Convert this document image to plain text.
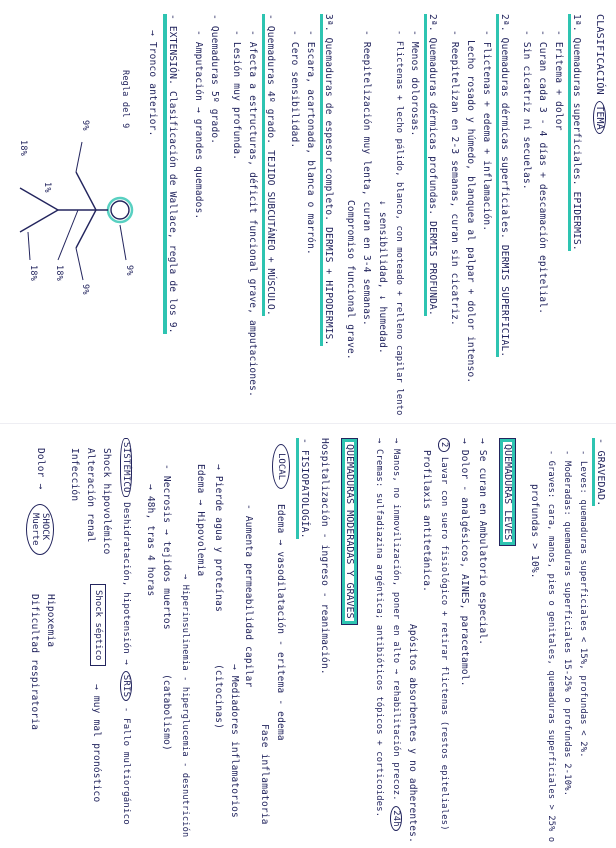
CLASIFICACIÓN TEMA
1ª. Quemaduras superficiales. EPIDERMIS.
- Eritema + dolor
- Curan cada 3 - 4 días + descamación epitelial.
- Sin cicatriz ni secuelas.
2ª. Quemaduras dérmicas superficiales. DERMIS SUPERFICIAL.
- Flictenas + edema + inflamación.
Lecho rosado y húmedo, blanquea al palpar + dolor intenso.
- Reepitelizan en 2-3 semanas, curan sin cicatriz.
2ª. Quemaduras dérmicas profundas. DERMIS PROFUNDA.
- Menos dolorosas.
- Flictenas + lecho pálido, blanco, con moteado + relleno capilar lento
↓ sensibilidad, ↓ humedad.
- Reepitelización muy lenta, curan en 3-4 semanas.
Compromiso funcional grave.
3ª. Quemaduras de espesor completo. DERMIS + HIPODERMIS.
- Escara, acartonada, blanca o marrón.
- Cero sensibilidad.
- Quemaduras 4º grado. TEJIDO SUBCUTÁNEO + MÚSCULO.
- Afecta a estructuras, déficit funcional grave, amputaciones.
- Lesión muy profunda.
- Quemaduras 5º grado.
- Amputación → grandes quemados.
- EXTENSIÓN. Clasificación de Wallace, regla de los 9.
→ Tronco anterior.
9%
9%
18%
18%
9%
1%
18%
Regla del 9
- GRAVEDAD.
- Leves: quemaduras superficiales < 15%, profundas < 2%.
- Moderadas: quemaduras superficiales 15-25% o profundas 2-10%.
- Graves: cara, manos, pies o genitales, quemaduras superficiales > 25% o
profundas > 10%.
QUEMADURAS LEVES
→ Se curan en Ambulatorio especial.
→ Dolor - analgésicos, AINES, paracetamol.
2 Lavar con suero fisiológico + retirar flictenas (restos epiteliales)
Profilaxis antitetánica.
Apósitos absorbentes y no adherentes.
→ Manos, no inmovilización, poner en alto → rehabilitación precoz. 24h
→ Cremas: sulfadiazina argéntica; antibióticos tópicos + corticoides.
QUEMADURAS MODERADAS Y GRAVES
Hospitalización - ingreso - reanimación.
- FISIOPATOLOGÍA.
LOCAL
Edema → vasodilatación - eritema - edema
Fase inflamatoria
- Aumenta permeabilidad capilar
→ Mediadores inflamatorios
→ Pierde agua y proteínas
(citocinas)
Edema → Hipovolemia
→ Hiperinsulinemia - hiperglucemia - desnutrición
- Necrosis → tejidos muertos
(catabolismo)
→ 48h, tras 4 horas
SISTÉMICO Deshidratación, hipotensión → SRIS - Fallo multiorgánico
Shock hipovolémico
Alteración renal
Infección
Shock séptico
→ muy mal pronóstico
Dolor →
SHOCK
Muerte
Hipoxemia
Dificultad respiratoria
